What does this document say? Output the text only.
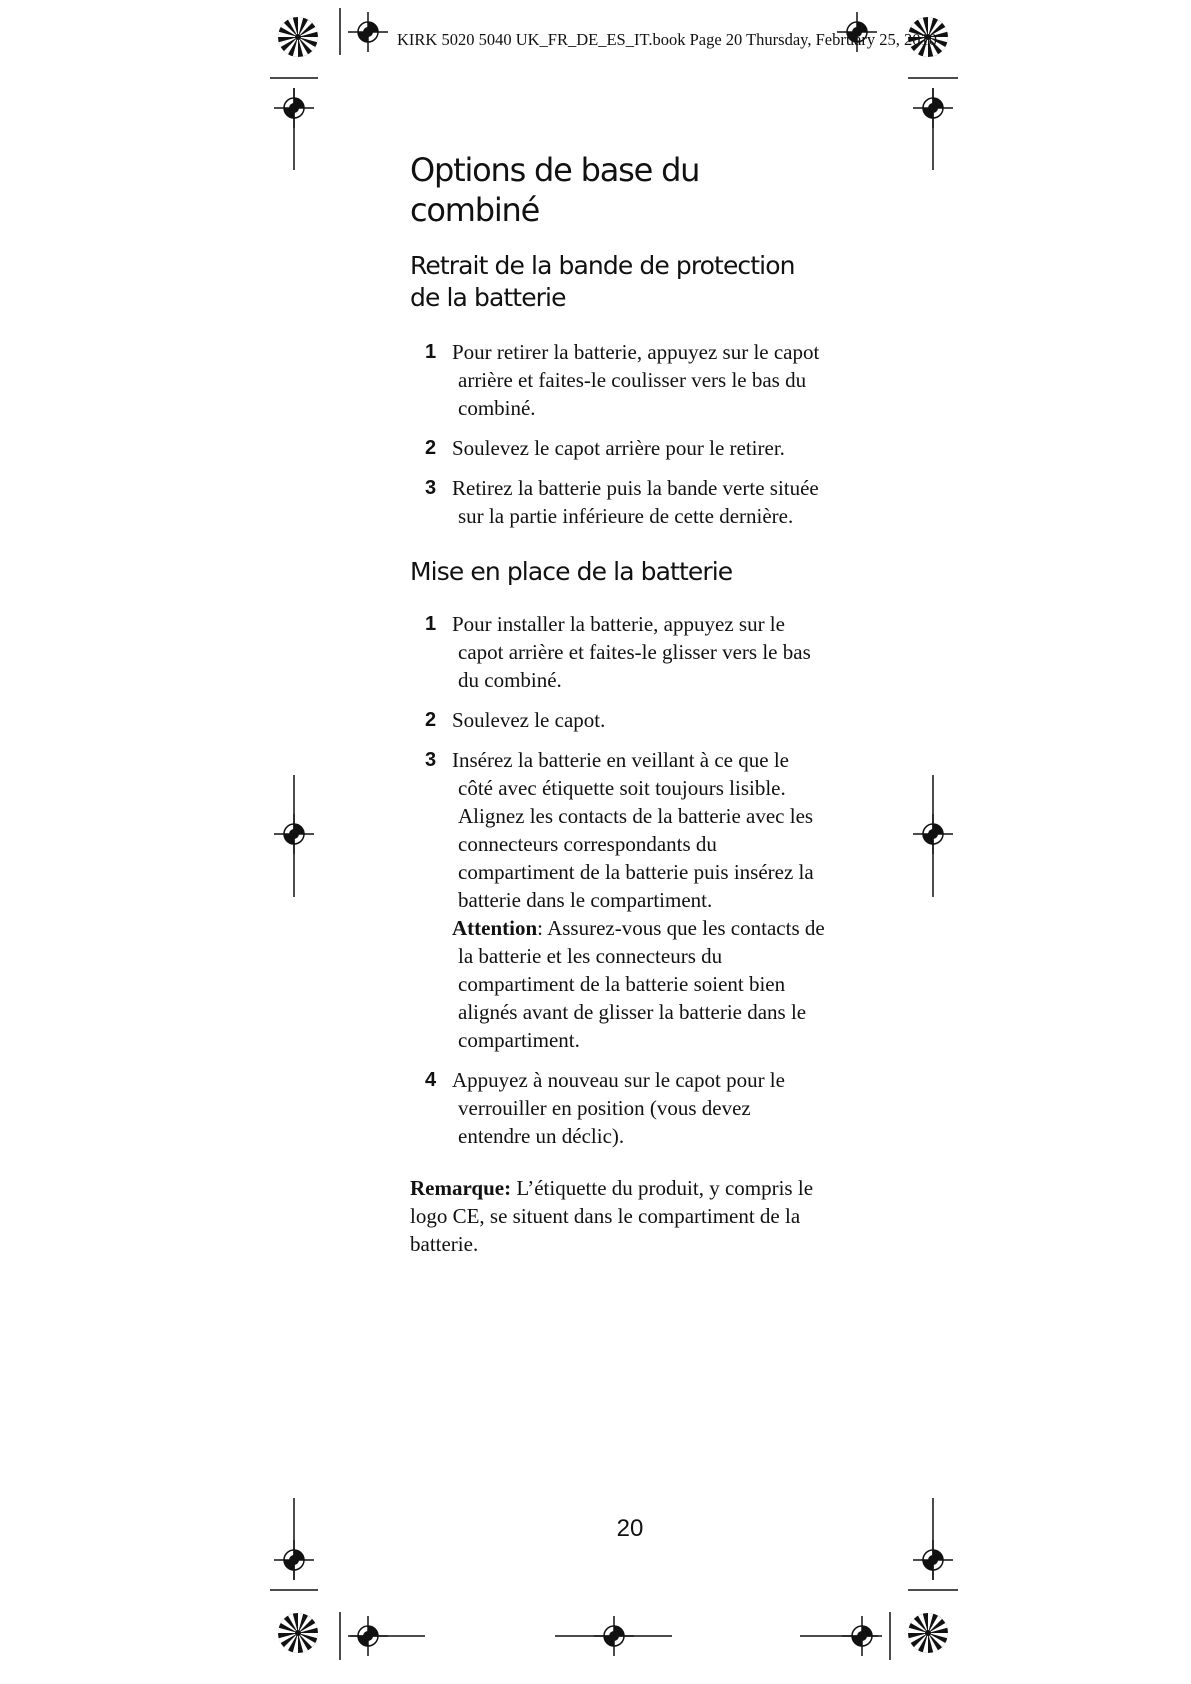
KIRK 5020 5040 UK_FR_DE_ES_IT.book Page 20 Thursday, February 25, 2010
Options de base du combiné
Retrait de la bande de protection de la batterie
1 Pour retirer la batterie, appuyez sur le capot arrière et faites-le coulisser vers le bas du combiné.
2 Soulevez le capot arrière pour le retirer.
3 Retirez la batterie puis la bande verte située sur la partie inférieure de cette dernière.
Mise en place de la batterie
1 Pour installer la batterie, appuyez sur le capot arrière et faites-le glisser vers le bas du combiné.
2 Soulevez le capot.
3 Insérez la batterie en veillant à ce que le côté avec étiquette soit toujours lisible. Alignez les contacts de la batterie avec les connecteurs correspondants du compartiment de la batterie puis insérez la batterie dans le compartiment.
Attention: Assurez-vous que les contacts de la batterie et les connecteurs du compartiment de la batterie soient bien alignés avant de glisser la batterie dans le compartiment.
4 Appuyez à nouveau sur le capot pour le verrouiller en position (vous devez entendre un déclic).

Remarque: L’étiquette du produit, y compris le logo CE, se situent dans le compartiment de la batterie.

20
